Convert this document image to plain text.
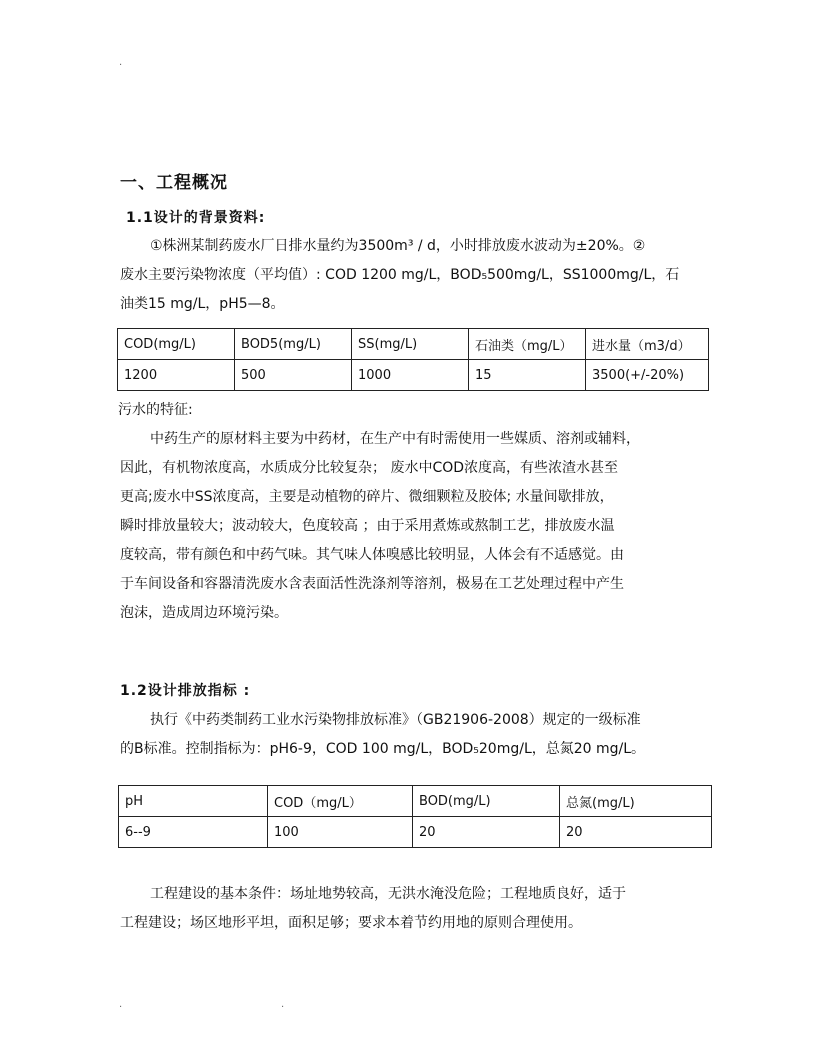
.
.	.
一、工程概况
1.1设计的背景资料:
①株洲某制药废水厂日排水量约为3500m³ / d，小时排放废水波动为±20%。②
废水主要污染物浓度（平均值）: COD 1200 mg/L，BOD₅500mg/L，SS1000mg/L，石
油类15 mg/L，pH5—8。
COD(mg/L)	BOD5(mg/L)	SS(mg/L)	石油类（mg/L）	进水量（m3/d）
1200	500	1000	15	3500(+/-20%)
污水的特征:
中药生产的原材料主要为中药材，在生产中有时需使用一些媒质、溶剂或辅料，
因此，有机物浓度高，水质成分比较复杂； 废水中COD浓度高，有些浓渣水甚至
更高;废水中SS浓度高，主要是动植物的碎片、微细颗粒及胶体; 水量间歇排放，
瞬时排放量较大；波动较大，色度较高 ；由于采用煮炼或熬制工艺，排放废水温
度较高，带有颜色和中药气味。其气味人体嗅感比较明显，人体会有不适感觉。由
于车间设备和容器清洗废水含表面活性洗涤剂等溶剂，极易在工艺处理过程中产生
泡沫，造成周边环境污染。
1.2设计排放指标 :
执行《中药类制药工业水污染物排放标准》（GB21906-2008）规定的一级标准
的B标准。控制指标为：pH6-9，COD 100 mg/L，BOD₅20mg/L，总氮20 mg/L。
pH	COD（mg/L）	BOD(mg/L)	总氮(mg/L)
6--9	100	20	20
工程建设的基本条件：场址地势较高，无洪水淹没危险；工程地质良好，适于
工程建设；场区地形平坦，面积足够；要求本着节约用地的原则合理使用。
